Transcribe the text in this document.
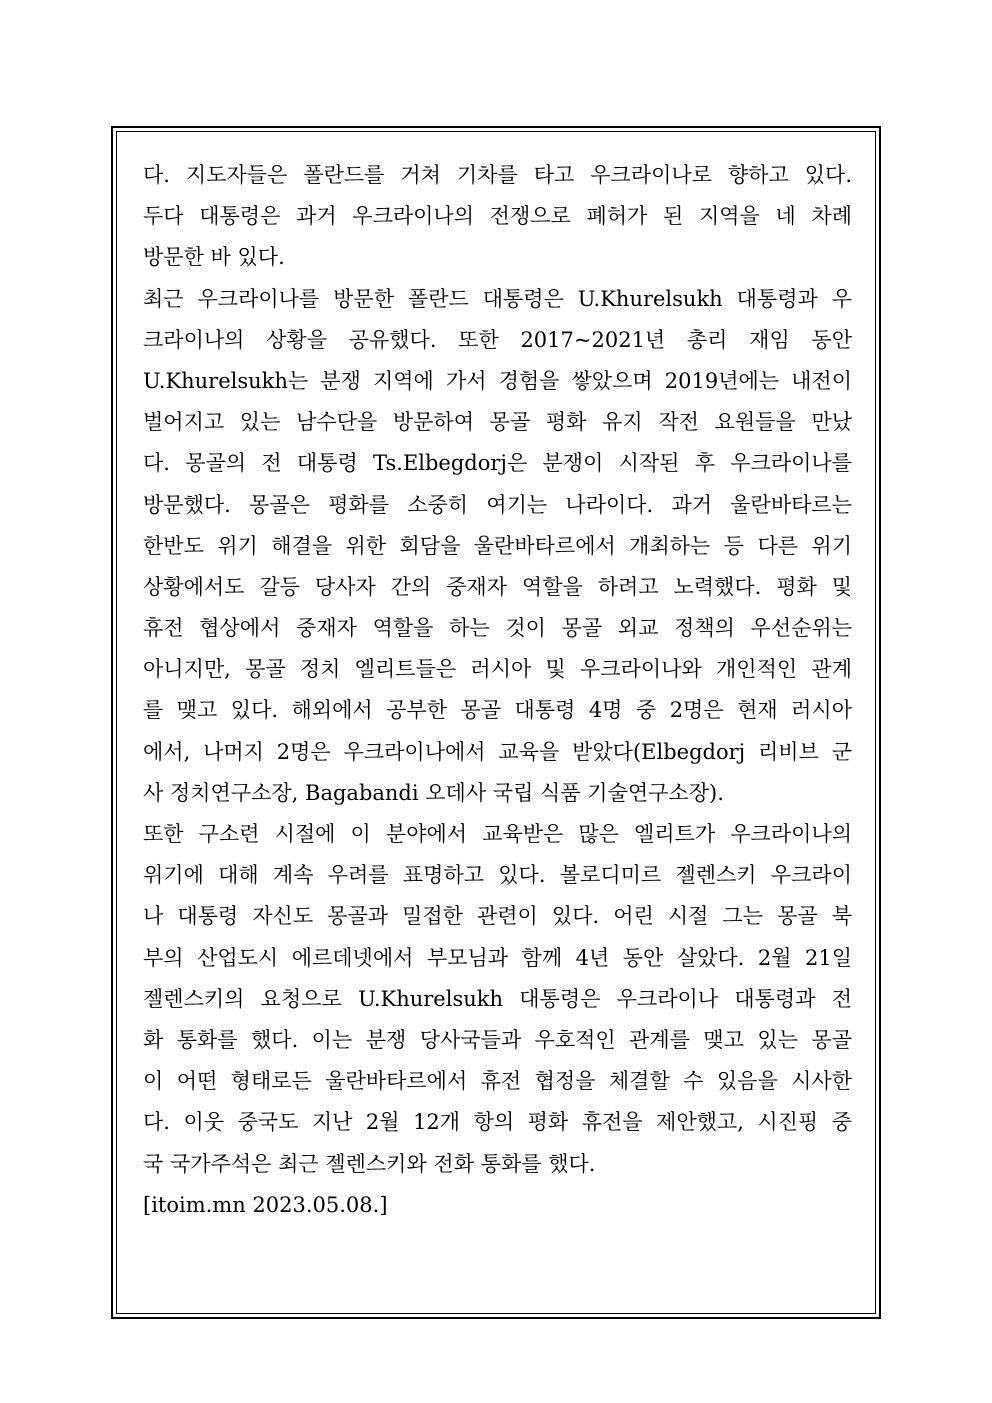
다. 지도자들은 폴란드를 거쳐 기차를 타고 우크라이나로 향하고 있다.
두다 대통령은 과거 우크라이나의 전쟁으로 폐허가 된 지역을 네 차례
방문한 바 있다.
최근 우크라이나를 방문한 폴란드 대통령은 U.Khurelsukh 대통령과 우
크라이나의 상황을 공유했다. 또한 2017~2021년 총리 재임 동안
U.Khurelsukh는 분쟁 지역에 가서 경험을 쌓았으며 2019년에는 내전이
벌어지고 있는 남수단을 방문하여 몽골 평화 유지 작전 요원들을 만났
다. 몽골의 전 대통령 Ts.Elbegdorj은 분쟁이 시작된 후 우크라이나를
방문했다. 몽골은 평화를 소중히 여기는 나라이다. 과거 울란바타르는
한반도 위기 해결을 위한 회담을 울란바타르에서 개최하는 등 다른 위기
상황에서도 갈등 당사자 간의 중재자 역할을 하려고 노력했다. 평화 및
휴전 협상에서 중재자 역할을 하는 것이 몽골 외교 정책의 우선순위는
아니지만, 몽골 정치 엘리트들은 러시아 및 우크라이나와 개인적인 관계
를 맺고 있다. 해외에서 공부한 몽골 대통령 4명 중 2명은 현재 러시아
에서, 나머지 2명은 우크라이나에서 교육을 받았다(Elbegdorj 리비브 군
사 정치연구소장, Bagabandi 오데사 국립 식품 기술연구소장).
또한 구소련 시절에 이 분야에서 교육받은 많은 엘리트가 우크라이나의
위기에 대해 계속 우려를 표명하고 있다. 볼로디미르 젤렌스키 우크라이
나 대통령 자신도 몽골과 밀접한 관련이 있다. 어린 시절 그는 몽골 북
부의 산업도시 에르데넷에서 부모님과 함께 4년 동안 살았다. 2월 21일
젤렌스키의 요청으로 U.Khurelsukh 대통령은 우크라이나 대통령과 전
화 통화를 했다. 이는 분쟁 당사국들과 우호적인 관계를 맺고 있는 몽골
이 어떤 형태로든 울란바타르에서 휴전 협정을 체결할 수 있음을 시사한
다. 이웃 중국도 지난 2월 12개 항의 평화 휴전을 제안했고, 시진핑 중
국 국가주석은 최근 젤렌스키와 전화 통화를 했다.
[itoim.mn 2023.05.08.]
